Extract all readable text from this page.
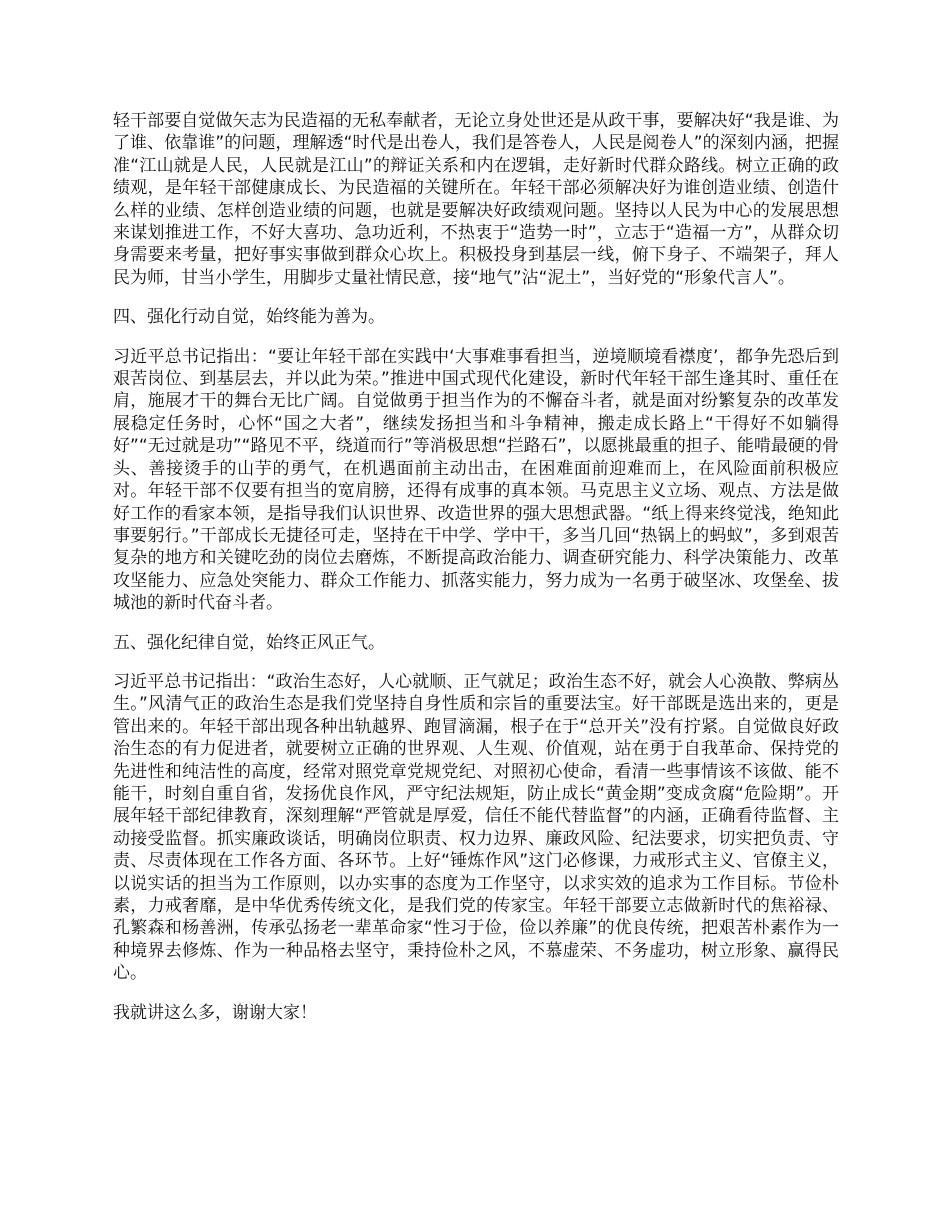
轻干部要自觉做矢志为民造福的无私奉献者，无论立身处世还是从政干事，要解决好“我是谁、为了谁、依靠谁”的问题，理解透“时代是出卷人，我们是答卷人，人民是阅卷人”的深刻内涵，把握准“江山就是人民，人民就是江山”的辩证关系和内在逻辑，走好新时代群众路线。树立正确的政绩观，是年轻干部健康成长、为民造福的关键所在。年轻干部必须解决好为谁创造业绩、创造什么样的业绩、怎样创造业绩的问题，也就是要解决好政绩观问题。坚持以人民为中心的发展思想来谋划推进工作，不好大喜功、急功近利，不热衷于“造势一时”，立志于“造福一方”，从群众切身需要来考量，把好事实事做到群众心坎上。积极投身到基层一线，俯下身子、不端架子，拜人民为师，甘当小学生，用脚步丈量社情民意，接“地气”沾“泥土”，当好党的“形象代言人”。

四、强化行动自觉，始终能为善为。

习近平总书记指出：“要让年轻干部在实践中‘大事难事看担当，逆境顺境看襟度’，都争先恐后到艰苦岗位、到基层去，并以此为荣。”推进中国式现代化建设，新时代年轻干部生逢其时、重任在肩，施展才干的舞台无比广阔。自觉做勇于担当作为的不懈奋斗者，就是面对纷繁复杂的改革发展稳定任务时，心怀“国之大者”，继续发扬担当和斗争精神，搬走成长路上“干得好不如躺得好”“无过就是功”“路见不平，绕道而行”等消极思想“拦路石”，以愿挑最重的担子、能啃最硬的骨头、善接烫手的山芋的勇气，在机遇面前主动出击，在困难面前迎难而上，在风险面前积极应对。年轻干部不仅要有担当的宽肩膀，还得有成事的真本领。马克思主义立场、观点、方法是做好工作的看家本领，是指导我们认识世界、改造世界的强大思想武器。“纸上得来终觉浅，绝知此事要躬行。”干部成长无捷径可走，坚持在干中学、学中干，多当几回“热锅上的蚂蚁”，多到艰苦复杂的地方和关键吃劲的岗位去磨炼，不断提高政治能力、调查研究能力、科学决策能力、改革攻坚能力、应急处突能力、群众工作能力、抓落实能力，努力成为一名勇于破坚冰、攻堡垒、拔城池的新时代奋斗者。

五、强化纪律自觉，始终正风正气。

习近平总书记指出：“政治生态好，人心就顺、正气就足；政治生态不好，就会人心涣散、弊病丛生。”风清气正的政治生态是我们党坚持自身性质和宗旨的重要法宝。好干部既是选出来的，更是管出来的。年轻干部出现各种出轨越界、跑冒滴漏，根子在于“总开关”没有拧紧。自觉做良好政治生态的有力促进者，就要树立正确的世界观、人生观、价值观，站在勇于自我革命、保持党的先进性和纯洁性的高度，经常对照党章党规党纪、对照初心使命，看清一些事情该不该做、能不能干，时刻自重自省，发扬优良作风，严守纪法规矩，防止成长“黄金期”变成贪腐“危险期”。开展年轻干部纪律教育，深刻理解“严管就是厚爱，信任不能代替监督”的内涵，正确看待监督、主动接受监督。抓实廉政谈话，明确岗位职责、权力边界、廉政风险、纪法要求，切实把负责、守责、尽责体现在工作各方面、各环节。上好“锤炼作风”这门必修课，力戒形式主义、官僚主义，以说实话的担当为工作原则，以办实事的态度为工作坚守，以求实效的追求为工作目标。节俭朴素，力戒奢靡，是中华优秀传统文化，是我们党的传家宝。年轻干部要立志做新时代的焦裕禄、孔繁森和杨善洲，传承弘扬老一辈革命家“性习于俭，俭以养廉”的优良传统，把艰苦朴素作为一种境界去修炼、作为一种品格去坚守，秉持俭朴之风，不慕虚荣、不务虚功，树立形象、赢得民心。

我就讲这么多，谢谢大家！
